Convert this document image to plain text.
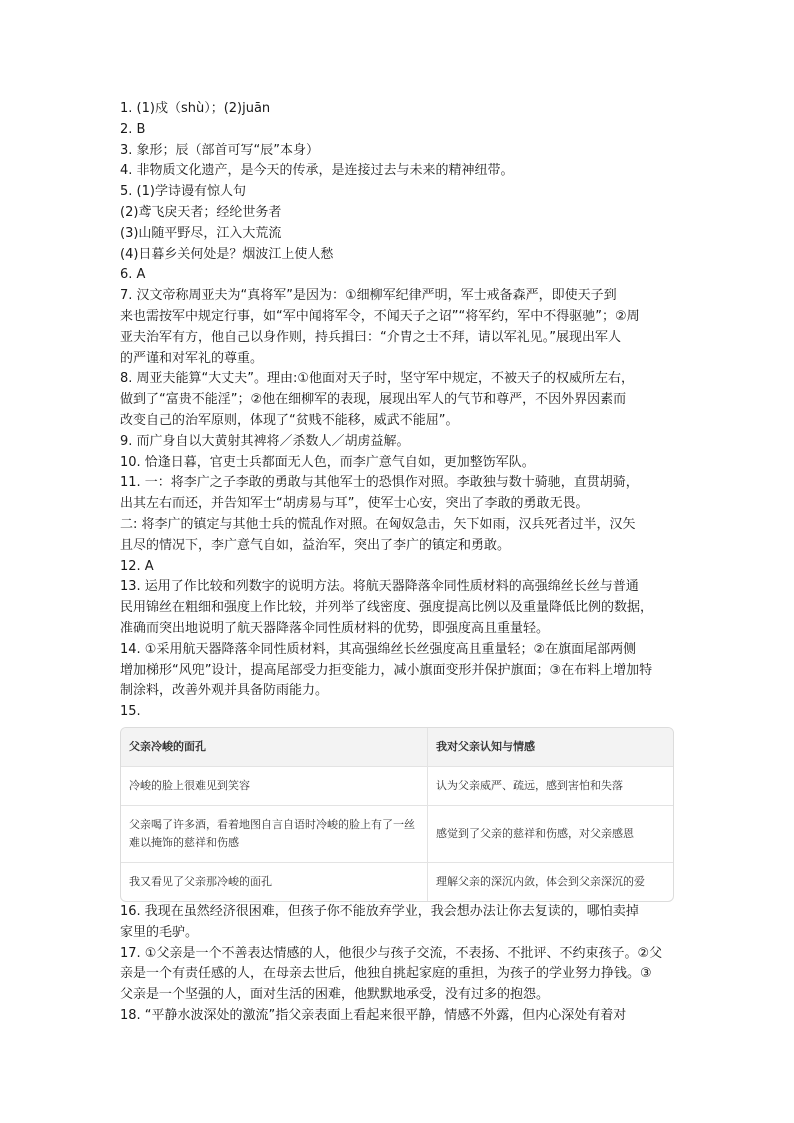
1. (1)戍（shù）；(2)juān
2. B
3. 象形；辰（部首可写“辰”本身）
4. 非物质文化遗产，是今天的传承，是连接过去与未来的精神纽带。
5. (1)学诗谩有惊人句
(2)鸢飞戾天者；经纶世务者
(3)山随平野尽，江入大荒流
(4)日暮乡关何处是？烟波江上使人愁
6. A
7. 汉文帝称周亚夫为“真将军”是因为：①细柳军纪律严明，军士戒备森严，即使天子到
来也需按军中规定行事，如“军中闻将军令，不闻天子之诏”“将军约，军中不得驱驰”；②周
亚夫治军有方，他自己以身作则，持兵揖曰：“介胄之士不拜，请以军礼见。”展现出军人
的严谨和对军礼的尊重。
8. 周亚夫能算“大丈夫”。理由:①他面对天子时，坚守军中规定，不被天子的权威所左右，
做到了“富贵不能淫”；②他在细柳军的表现，展现出军人的气节和尊严，不因外界因素而
改变自己的治军原则，体现了“贫贱不能移，威武不能屈”。
9. 而广身自以大黄射其裨将／杀数人／胡虏益解。
10. 恰逢日暮，官吏士兵都面无人色，而李广意气自如，更加整饬军队。
11. 一：将李广之子李敢的勇敢与其他军士的恐惧作对照。李敢独与数十骑驰，直贯胡骑，
出其左右而还，并告知军士“胡虏易与耳”，使军士心安，突出了李敢的勇敢无畏。
二: 将李广的镇定与其他士兵的慌乱作对照。在匈奴急击，矢下如雨，汉兵死者过半，汉矢
且尽的情况下，李广意气自如，益治军，突出了李广的镇定和勇敢。
12. A
13. 运用了作比较和列数字的说明方法。将航天器降落伞同性质材料的高强绵丝长丝与普通
民用锦丝在粗细和强度上作比较，并列举了线密度、强度提高比例以及重量降低比例的数据，
准确而突出地说明了航天器降落伞同性质材料的优势，即强度高且重量轻。
14. ①采用航天器降落伞同性质材料，其高强绵丝长丝强度高且重量轻；②在旗面尾部两侧
增加梯形“风兜”设计，提高尾部受力拒变能力，减小旗面变形并保护旗面；③在布料上增加特
制涂料，改善外观并具备防雨能力。
15.
父亲冷峻的面孔	我对父亲认知与情感
冷峻的脸上很难见到笑容	认为父亲威严、疏远，感到害怕和失落
父亲喝了许多酒，看着地图自言自语时冷峻的脸上有了一丝难以掩饰的慈祥和伤感	感觉到了父亲的慈祥和伤感，对父亲感恩
我又看见了父亲那冷峻的面孔	理解父亲的深沉内敛，体会到父亲深沉的爱
16. 我现在虽然经济很困难，但孩子你不能放弃学业，我会想办法让你去复读的，哪怕卖掉
家里的毛驴。
17. ①父亲是一个不善表达情感的人，他很少与孩子交流，不表扬、不批评、不约束孩子。②父
亲是一个有责任感的人，在母亲去世后，他独自挑起家庭的重担，为孩子的学业努力挣钱。③
父亲是一个坚强的人，面对生活的困难，他默默地承受，没有过多的抱怨。
18. “平静水波深处的激流”指父亲表面上看起来很平静，情感不外露，但内心深处有着对
